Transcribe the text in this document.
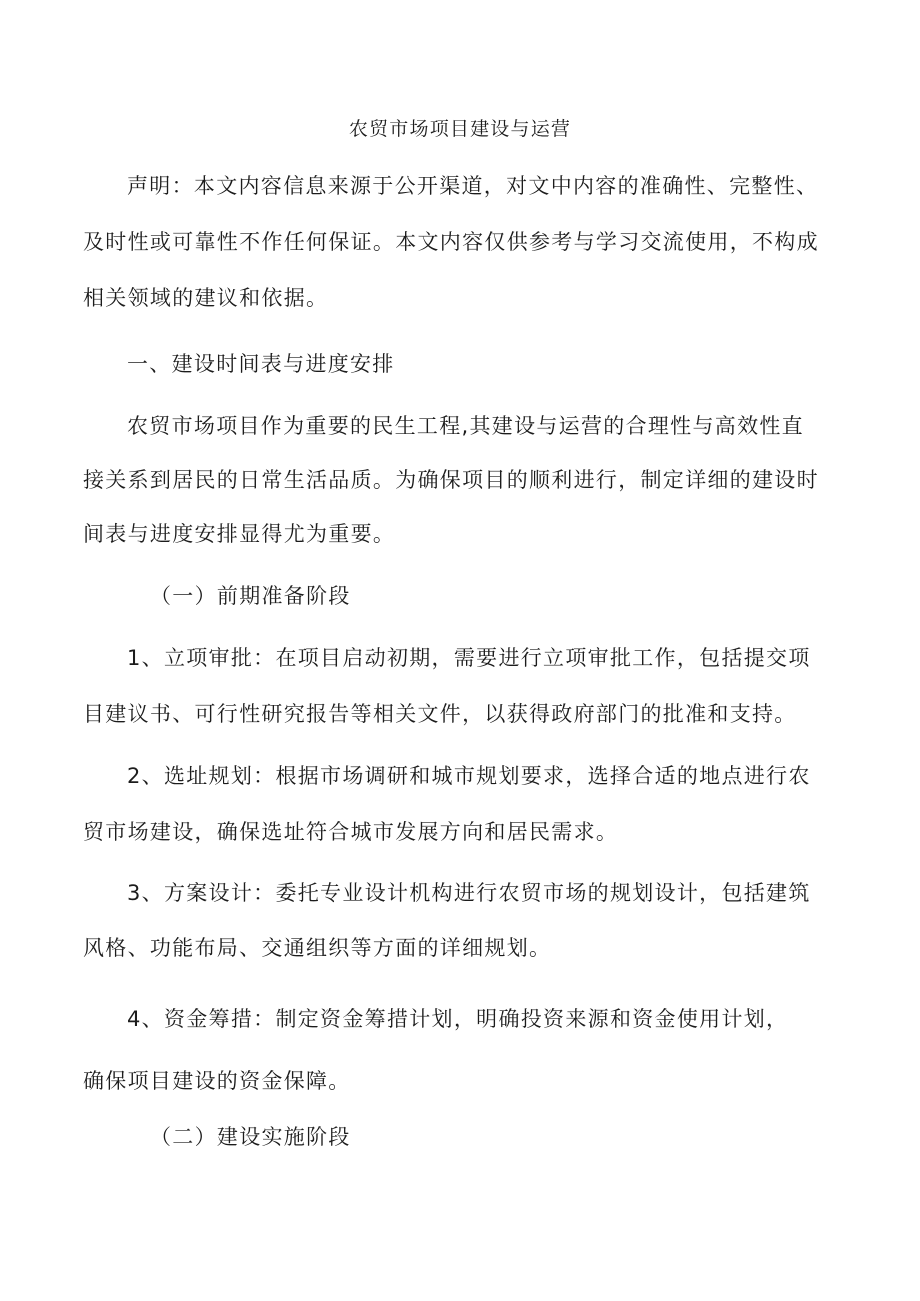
农贸市场项目建设与运营
声明：本文内容信息来源于公开渠道，对文中内容的准确性、完整性、
及时性或可靠性不作任何保证。本文内容仅供参考与学习交流使用，不构成
相关领域的建议和依据。
一、建设时间表与进度安排
农贸市场项目作为重要的民生工程,其建设与运营的合理性与高效性直
接关系到居民的日常生活品质。为确保项目的顺利进行，制定详细的建设时
间表与进度安排显得尤为重要。
（一）前期准备阶段
1、立项审批：在项目启动初期，需要进行立项审批工作，包括提交项
目建议书、可行性研究报告等相关文件，以获得政府部门的批准和支持。
2、选址规划：根据市场调研和城市规划要求，选择合适的地点进行农
贸市场建设，确保选址符合城市发展方向和居民需求。
3、方案设计：委托专业设计机构进行农贸市场的规划设计，包括建筑
风格、功能布局、交通组织等方面的详细规划。
4、资金筹措：制定资金筹措计划，明确投资来源和资金使用计划，
确保项目建设的资金保障。
（二）建设实施阶段
